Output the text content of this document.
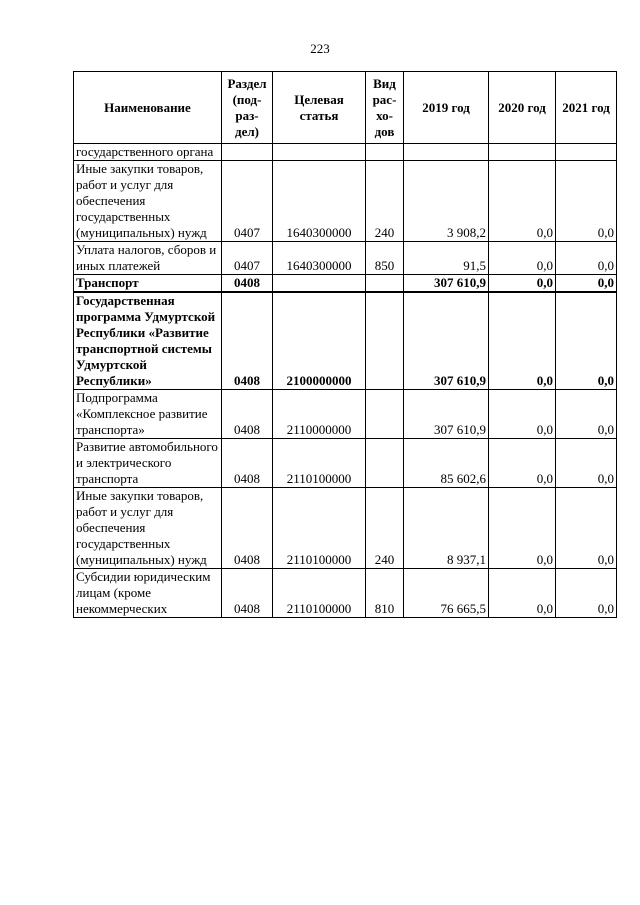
223
Наименование	Раздел (под-раз-дел)	Целевая статья	Вид рас-хо-дов	2019 год	2020 год	2021 год
государственного органа						
Иные закупки товаров, работ и услуг для обеспечения государственных (муниципальных) нужд	0407	1640300000	240	3 908,2	0,0	0,0
Уплата налогов, сборов и иных платежей	0407	1640300000	850	91,5	0,0	0,0
Транспорт	0408			307 610,9	0,0	0,0
Государственная программа Удмуртской Республики «Развитие транспортной системы Удмуртской Республики»	0408	2100000000		307 610,9	0,0	0,0
Подпрограмма «Комплексное развитие транспорта»	0408	2110000000		307 610,9	0,0	0,0
Развитие автомобильного и электрического транспорта	0408	2110100000		85 602,6	0,0	0,0
Иные закупки товаров, работ и услуг для обеспечения государственных (муниципальных) нужд	0408	2110100000	240	8 937,1	0,0	0,0
Субсидии юридическим лицам (кроме некоммерческих	0408	2110100000	810	76 665,5	0,0	0,0
